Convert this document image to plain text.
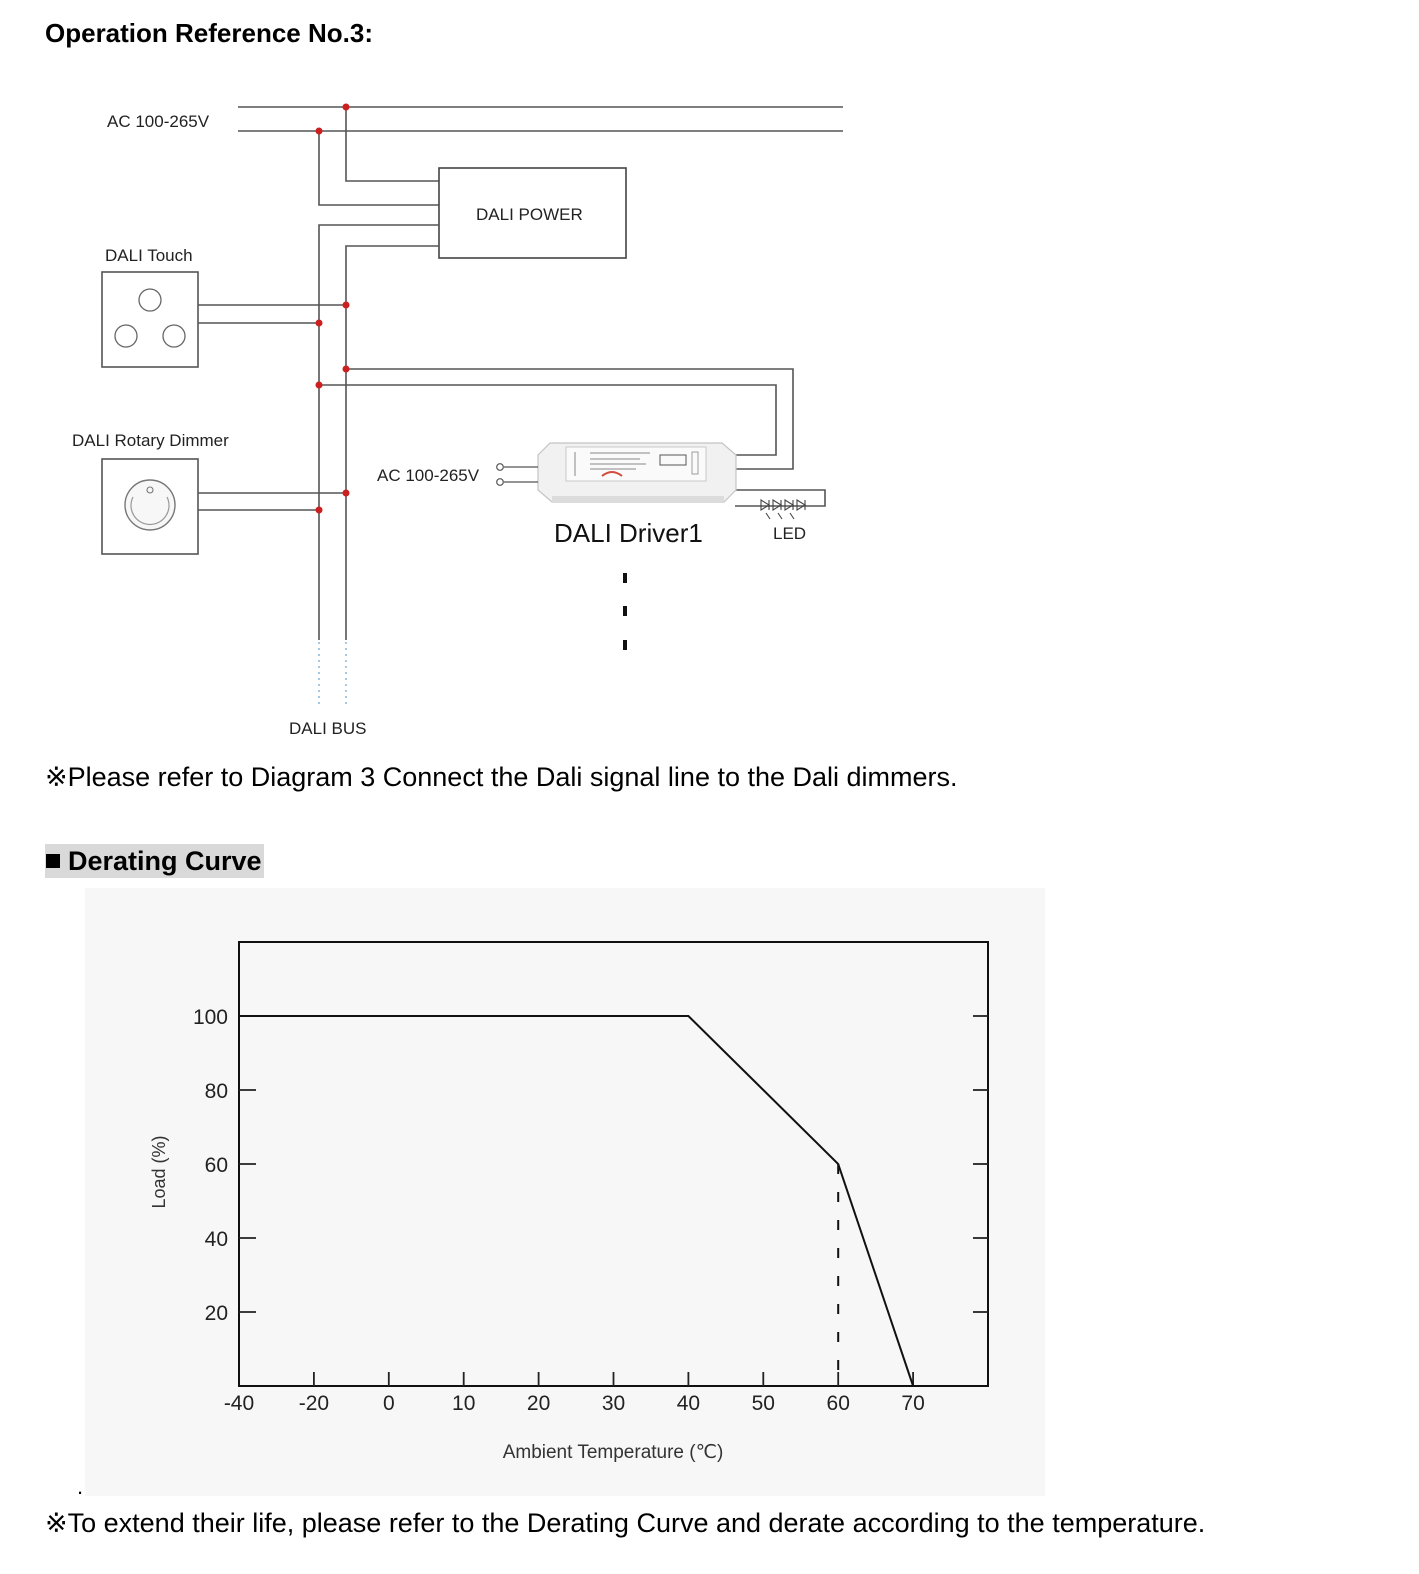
Operation Reference No.3:
AC 100-265V
DALI POWER
DALI Touch
DALI Rotary Dimmer
AC 100-265V
DALI Driver1	LED
DALI BUS
※Please refer to Diagram 3 Connect the Dali signal line to the Dali dimmers.
Derating Curve
-40 -20	0	10 20 30 40 50 60 70
100
80
60
40
20
Load (%)
Ambient Temperature (℃)
.
※To extend their life, please refer to the Derating Curve and derate according to the temperature.
